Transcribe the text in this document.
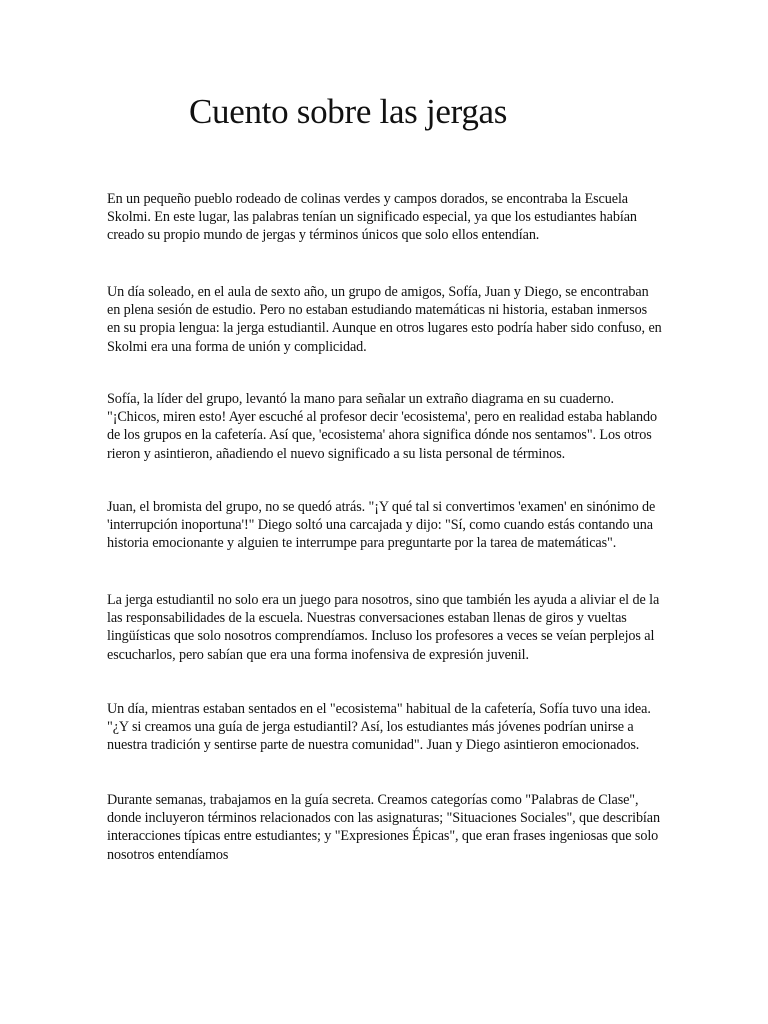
Cuento sobre las jergas

En un pequeño pueblo rodeado de colinas verdes y campos dorados, se encontraba la Escuela Skolmi. En este lugar, las palabras tenían un significado especial, ya que los estudiantes habían creado su propio mundo de jergas y términos únicos que solo ellos entendían.

Un día soleado, en el aula de sexto año, un grupo de amigos, Sofía, Juan y Diego, se encontraban en plena sesión de estudio. Pero no estaban estudiando matemáticas ni historia, estaban inmersos en su propia lengua: la jerga estudiantil. Aunque en otros lugares esto podría haber sido confuso, en Skolmi era una forma de unión y complicidad.

Sofía, la líder del grupo, levantó la mano para señalar un extraño diagrama en su cuaderno. "¡Chicos, miren esto! Ayer escuché al profesor decir 'ecosistema', pero en realidad estaba hablando de los grupos en la cafetería. Así que, 'ecosistema' ahora significa dónde nos sentamos". Los otros rieron y asintieron, añadiendo el nuevo significado a su lista personal de términos.

Juan, el bromista del grupo, no se quedó atrás. "¡Y qué tal si convertimos 'examen' en sinónimo de 'interrupción inoportuna'!" Diego soltó una carcajada y dijo: "Sí, como cuando estás contando una historia emocionante y alguien te interrumpe para preguntarte por la tarea de matemáticas".

La jerga estudiantil no solo era un juego para nosotros, sino que también les ayuda a aliviar el de la las responsabilidades de la escuela. Nuestras conversaciones estaban llenas de giros y vueltas lingüísticas que solo nosotros comprendíamos. Incluso los profesores a veces se veían perplejos al escucharlos, pero sabían que era una forma inofensiva de expresión juvenil.

Un día, mientras estaban sentados en el "ecosistema" habitual de la cafetería, Sofía tuvo una idea. "¿Y si creamos una guía de jerga estudiantil? Así, los estudiantes más jóvenes podrían unirse a nuestra tradición y sentirse parte de nuestra comunidad". Juan y Diego asintieron emocionados.

Durante semanas, trabajamos en la guía secreta. Creamos categorías como "Palabras de Clase", donde incluyeron términos relacionados con las asignaturas; "Situaciones Sociales", que describían interacciones típicas entre estudiantes; y "Expresiones Épicas", que eran frases ingeniosas que solo nosotros entendíamos
